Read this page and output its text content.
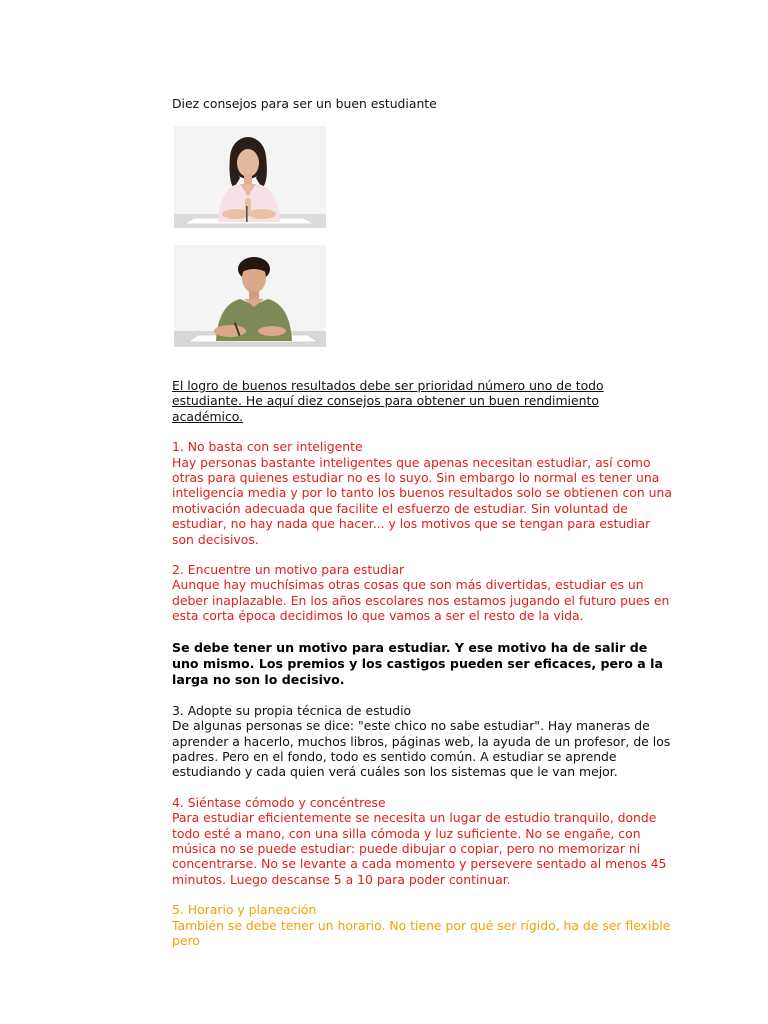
Diez consejos para ser un buen estudiante

El logro de buenos resultados debe ser prioridad número uno de todo estudiante. He aquí diez consejos para obtener un buen rendimiento académico.

1. No basta con ser inteligente

Hay personas bastante inteligentes que apenas necesitan estudiar, así como otras para quienes estudiar no es lo suyo. Sin embargo lo normal es tener una inteligencia media y por lo tanto los buenos resultados solo se obtienen con una motivación adecuada que facilite el esfuerzo de estudiar. Sin voluntad de estudiar, no hay nada que hacer... y los motivos que se tengan para estudiar son decisivos.

2. Encuentre un motivo para estudiar

Aunque hay muchísimas otras cosas que son más divertidas, estudiar es un deber inaplazable. En los años escolares nos estamos jugando el futuro pues en esta corta época decidimos lo que vamos a ser el resto de la vida.

Se debe tener un motivo para estudiar. Y ese motivo ha de salir de uno mismo. Los premios y los castigos pueden ser eficaces, pero a la larga no son lo decisivo.

3. Adopte su propia técnica de estudio

De algunas personas se dice: "este chico no sabe estudiar". Hay maneras de aprender a hacerlo, muchos libros, páginas web, la ayuda de un profesor, de los padres. Pero en el fondo, todo es sentido común. A estudiar se aprende estudiando y cada quien verá cuáles son los sistemas que le van mejor.

4. Siéntase cómodo y concéntrese

Para estudiar eficientemente se necesita un lugar de estudio tranquilo, donde todo esté a mano, con una silla cómoda y luz suficiente. No se engañe, con música no se puede estudiar: puede dibujar o copiar, pero no memorizar ni concentrarse. No se levante a cada momento y persevere sentado al menos 45 minutos. Luego descanse 5 a 10 para poder continuar.

5. Horario y planeación

También se debe tener un horario. No tiene por qué ser rígido, ha de ser flexible pero
